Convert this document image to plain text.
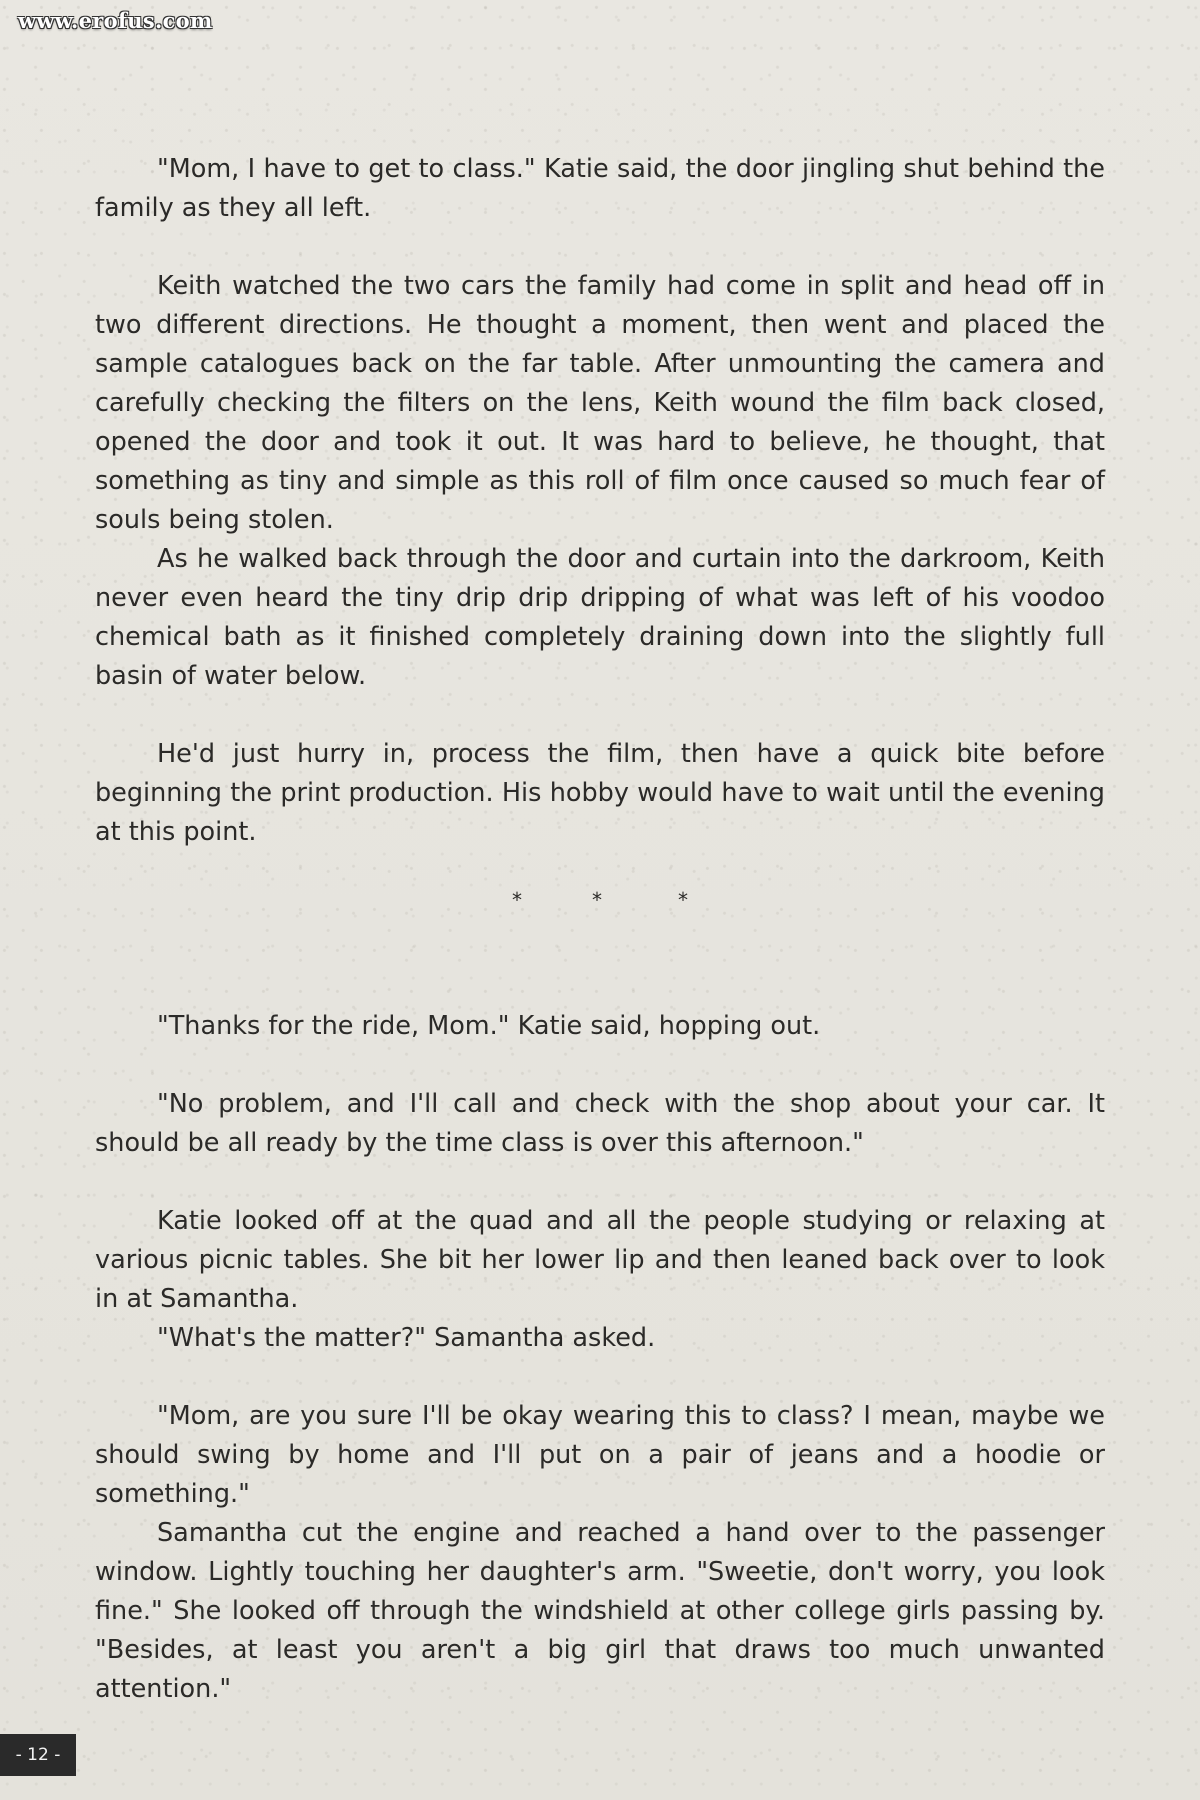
www.erofus.com

"Mom, I have to get to class." Katie said, the door jingling shut behind the family as they all left.

Keith watched the two cars the family had come in split and head off in two different directions. He thought a moment, then went and placed the sample catalogues back on the far table. After unmounting the camera and carefully checking the filters on the lens, Keith wound the film back closed, opened the door and took it out. It was hard to believe, he thought, that something as tiny and simple as this roll of film once caused so much fear of souls being stolen.

As he walked back through the door and curtain into the darkroom, Keith never even heard the tiny drip drip dripping of what was left of his voodoo chemical bath as it finished completely draining down into the slightly full basin of water below.

He'd just hurry in, process the film, then have a quick bite before beginning the print production. His hobby would have to wait until the evening at this point.

*	*	*

"Thanks for the ride, Mom." Katie said, hopping out.

"No problem, and I'll call and check with the shop about your car. It should be all ready by the time class is over this afternoon."

Katie looked off at the quad and all the people studying or relaxing at various picnic tables. She bit her lower lip and then leaned back over to look in at Samantha.

"What's the matter?" Samantha asked.

"Mom, are you sure I'll be okay wearing this to class? I mean, maybe we should swing by home and I'll put on a pair of jeans and a hoodie or something."

Samantha cut the engine and reached a hand over to the passenger window. Lightly touching her daughter's arm. "Sweetie, don't worry, you look fine." She looked off through the windshield at other college girls passing by. "Besides, at least you aren't a big girl that draws too much unwanted attention."

- 12 -
